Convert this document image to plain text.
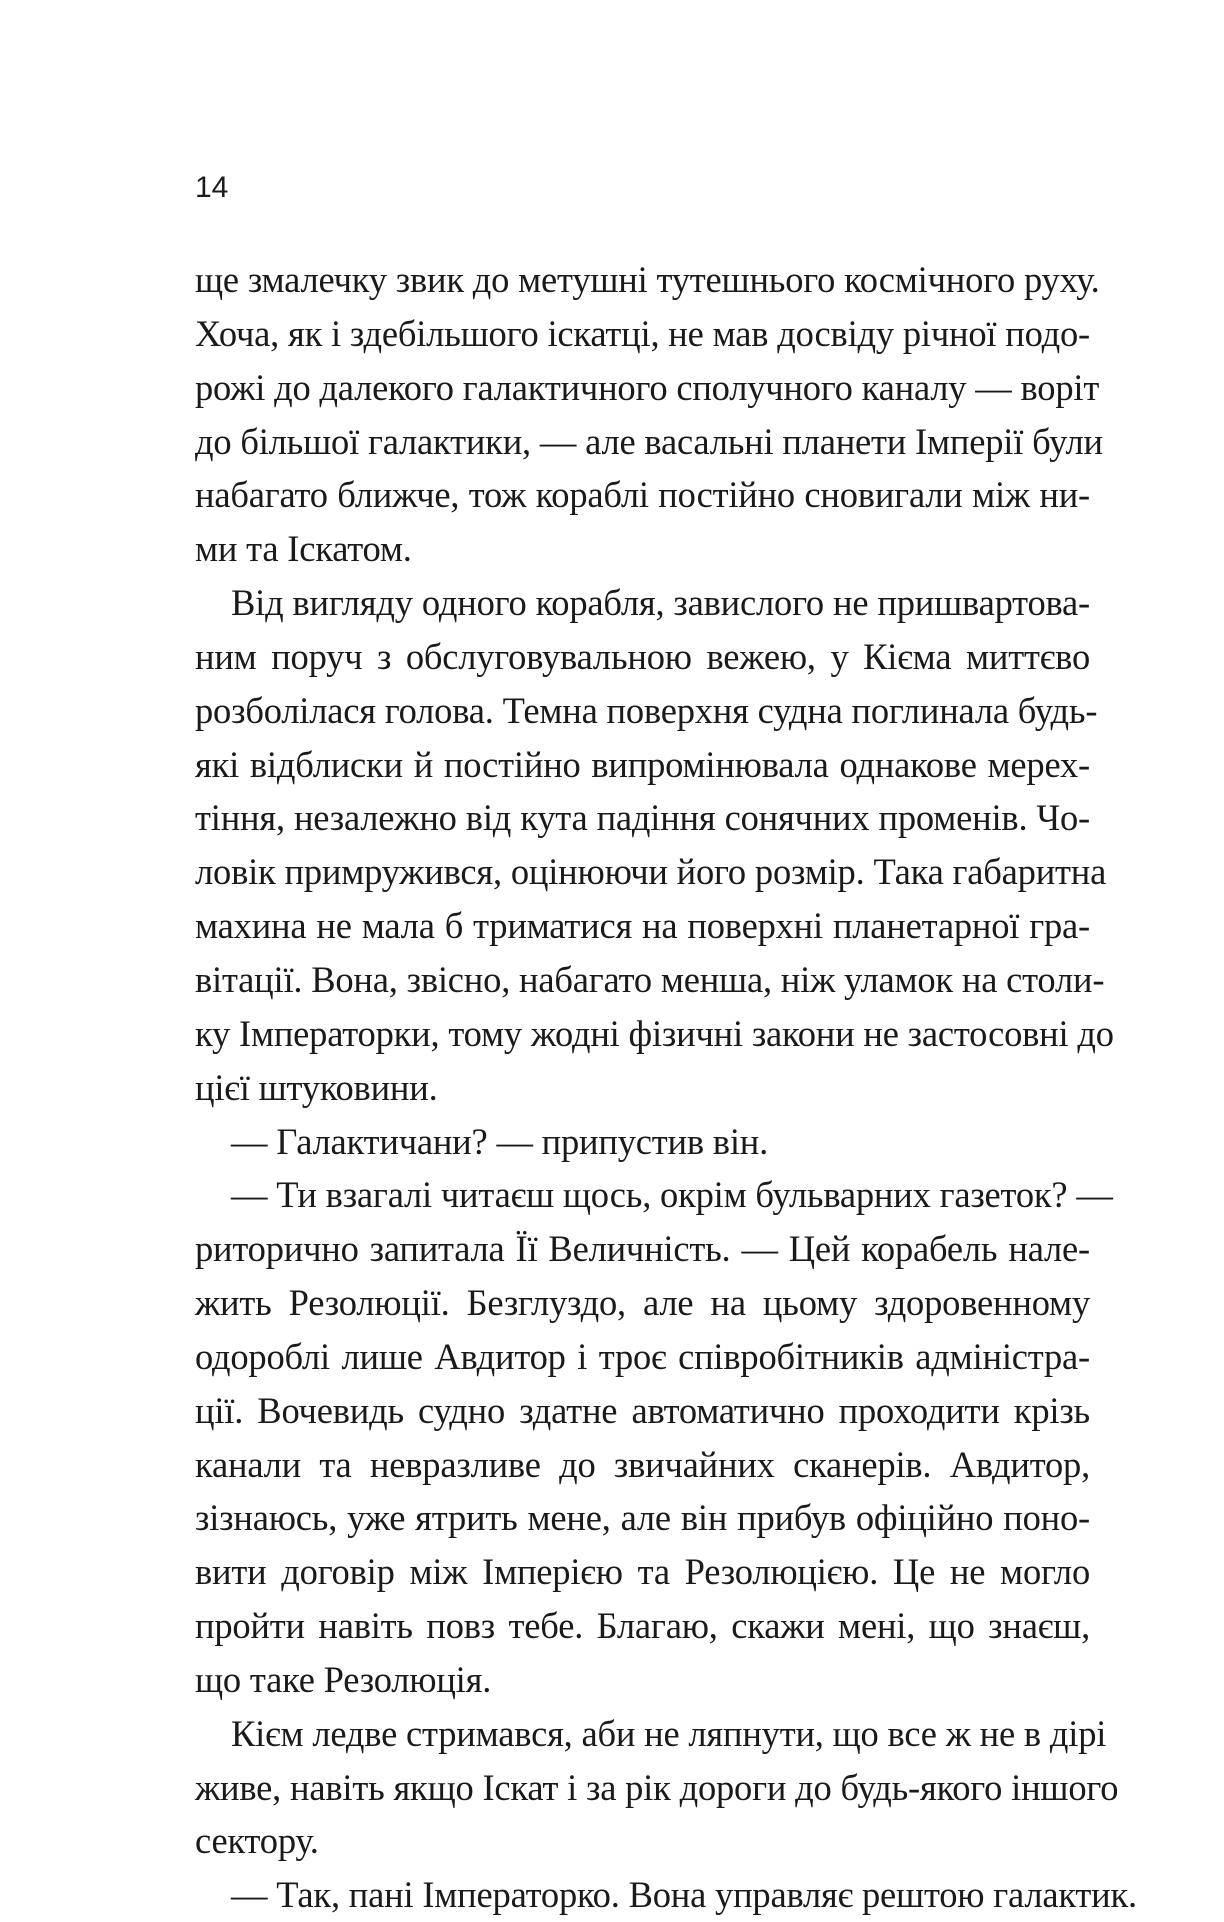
14
ще змалечку звик до метушні тутешнього космічного руху.
Хоча, як і здебільшого іскатці, не мав досвіду річної подо-
рожі до далекого галактичного сполучного каналу — воріт
до більшої галактики, — але васальні планети Імперії були
набагато ближче, тож кораблі постійно сновигали між ни-
ми та Іскатом.
Від вигляду одного корабля, завислого не пришвартова-
ним поруч з обслуговувальною вежею, у Кієма миттєво
розболілася голова. Темна поверхня судна поглинала будь-
які відблиски й постійно випромінювала однакове мерех-
тіння, незалежно від кута падіння сонячних променів. Чо-
ловік примружився, оцінюючи його розмір. Така габаритна
махина не мала б триматися на поверхні планетарної гра-
вітації. Вона, звісно, набагато менша, ніж уламок на столи-
ку Імператорки, тому жодні фізичні закони не застосовні до
цієї штуковини.
— Галактичани? — припустив він.
— Ти взагалі читаєш щось, окрім бульварних газеток? —
риторично запитала Її Величність. — Цей корабель нале-
жить Резолюції. Безглуздо, але на цьому здоровенному
одороблі лише Авдитор і троє співробітників адміністра-
ції. Вочевидь судно здатне автоматично проходити крізь
канали та невразливе до звичайних сканерів. Авдитор,
зізнаюсь, уже ятрить мене, але він прибув офіційно поно-
вити договір між Імперією та Резолюцією. Це не могло
пройти навіть повз тебе. Благаю, скажи мені, що знаєш,
що таке Резолюція.
Кієм ледве стримався, аби не ляпнути, що все ж не в дірі
живе, навіть якщо Іскат і за рік дороги до будь-якого іншого
сектору.
— Так, пані Імператорко. Вона управляє рештою галактик.
